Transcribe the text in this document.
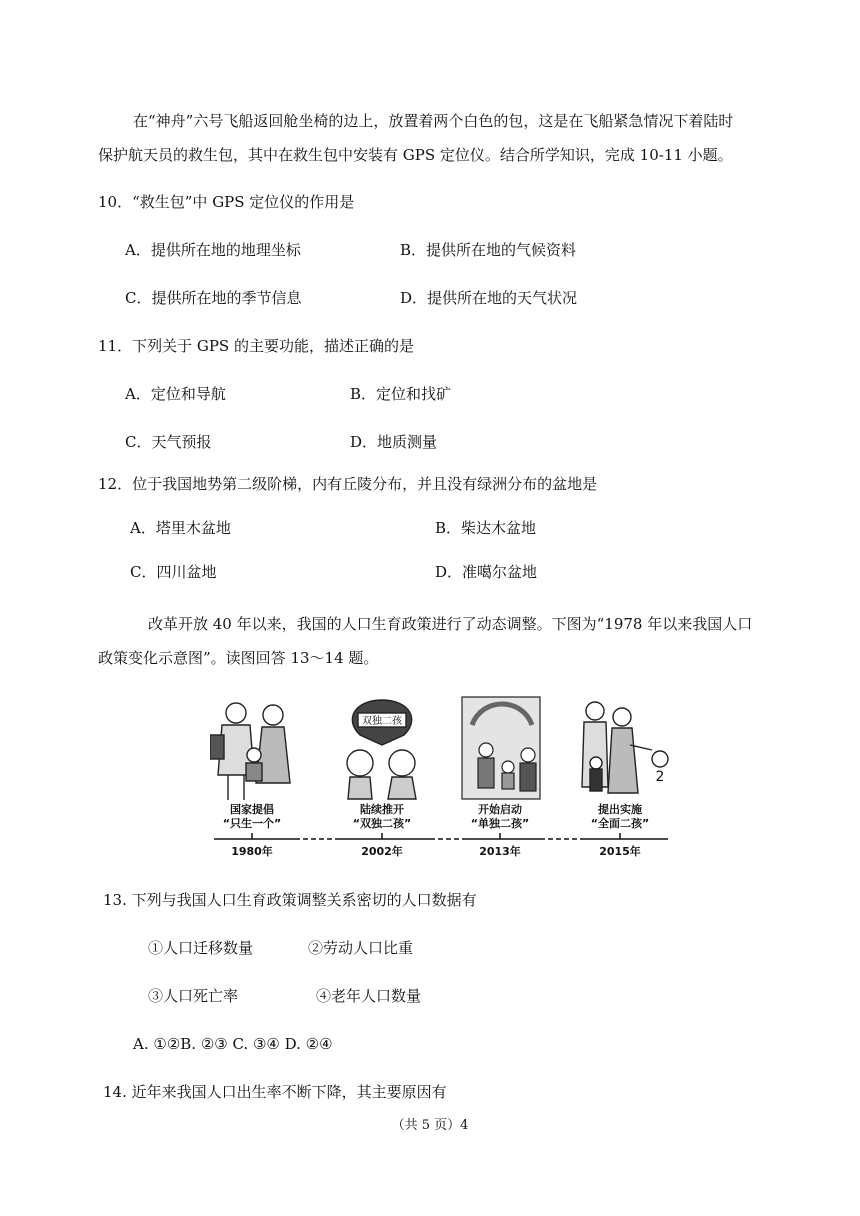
在“神舟”六号飞船返回舱坐椅的边上，放置着两个白色的包，这是在飞船紧急情况下着陆时
保护航天员的救生包，其中在救生包中安装有 GPS 定位仪。结合所学知识，完成 10-11 小题。
10．“救生包”中 GPS 定位仪的作用是
A．提供所在地的地理坐标	B．提供所在地的气候资料
C．提供所在地的季节信息	D．提供所在地的天气状况
11．下列关于 GPS 的主要功能，描述正确的是
A．定位和导航	B．定位和找矿
C．天气预报	D．地质测量
12．位于我国地势第二级阶梯，内有丘陵分布，并且没有绿洲分布的盆地是
A．塔里木盆地	B．柴达木盆地
C．四川盆地	D．准噶尔盆地
改革开放 40 年以来，我国的人口生育政策进行了动态调整。下图为“1978 年以来我国人口
政策变化示意图”。读图回答 13～14 题。
双独二孩
2
国家提倡
“只生一个”
陆续推开
“双独二孩”
开始启动
“单独二孩”
提出实施
“全面二孩”
1980年	2002年	2013年	2015年
13. 下列与我国人口生育政策调整关系密切的人口数据有
①人口迁移数量	②劳动人口比重
③人口死亡率	④老年人口数量
A. ①②B. ②③ C. ③④ D. ②④
14. 近年来我国人口出生率不断下降，其主要原因有
（共 5 页）4
